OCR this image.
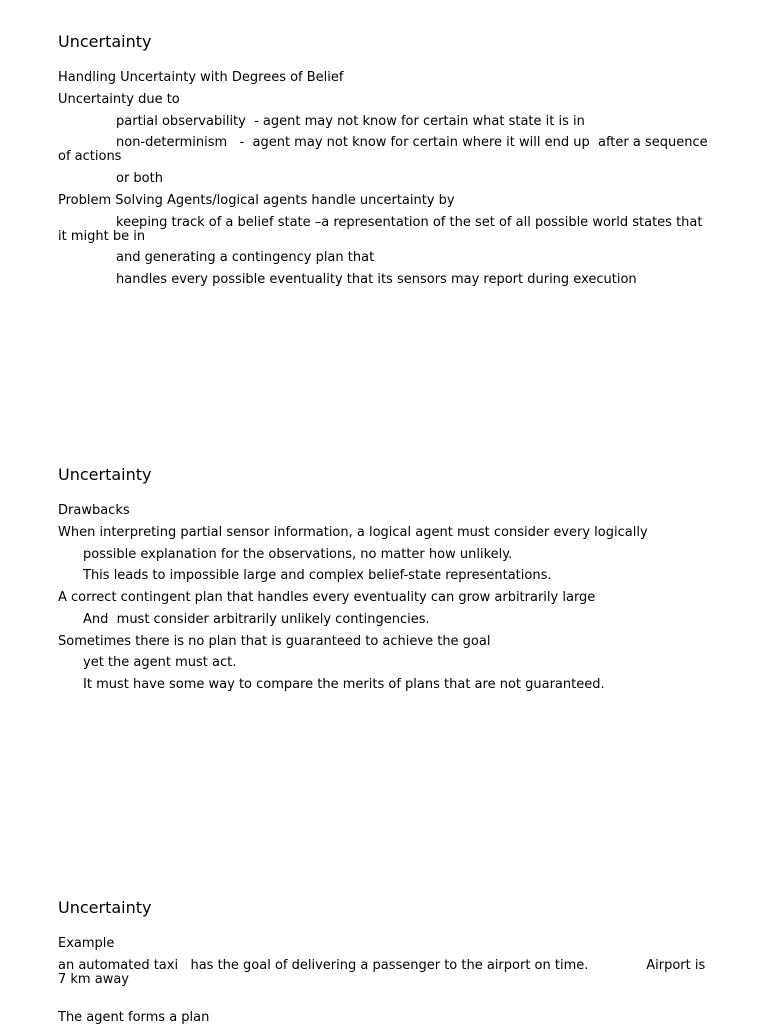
Uncertainty

Handling Uncertainty with Degrees of Belief

Uncertainty due to

partial observability  - agent may not know for certain what state it is in

non-determinism   -  agent may not know for certain where it will end up  after a sequence of actions

or both

Problem Solving Agents/logical agents handle uncertainty by

keeping track of a belief state –a representation of the set of all possible world states that it might be in

and generating a contingency plan that

handles every possible eventuality that its sensors may report during execution

Uncertainty

Drawbacks

When interpreting partial sensor information, a logical agent must consider every logically

possible explanation for the observations, no matter how unlikely.

This leads to impossible large and complex belief-state representations.

A correct contingent plan that handles every eventuality can grow arbitrarily large

And  must consider arbitrarily unlikely contingencies.

Sometimes there is no plan that is guaranteed to achieve the goal

yet the agent must act.

It must have some way to compare the merits of plans that are not guaranteed.

Uncertainty

Example

an automated taxi   has the goal of delivering a passenger to the airport on time.              Airport is 7 km away

The agent forms a plan
